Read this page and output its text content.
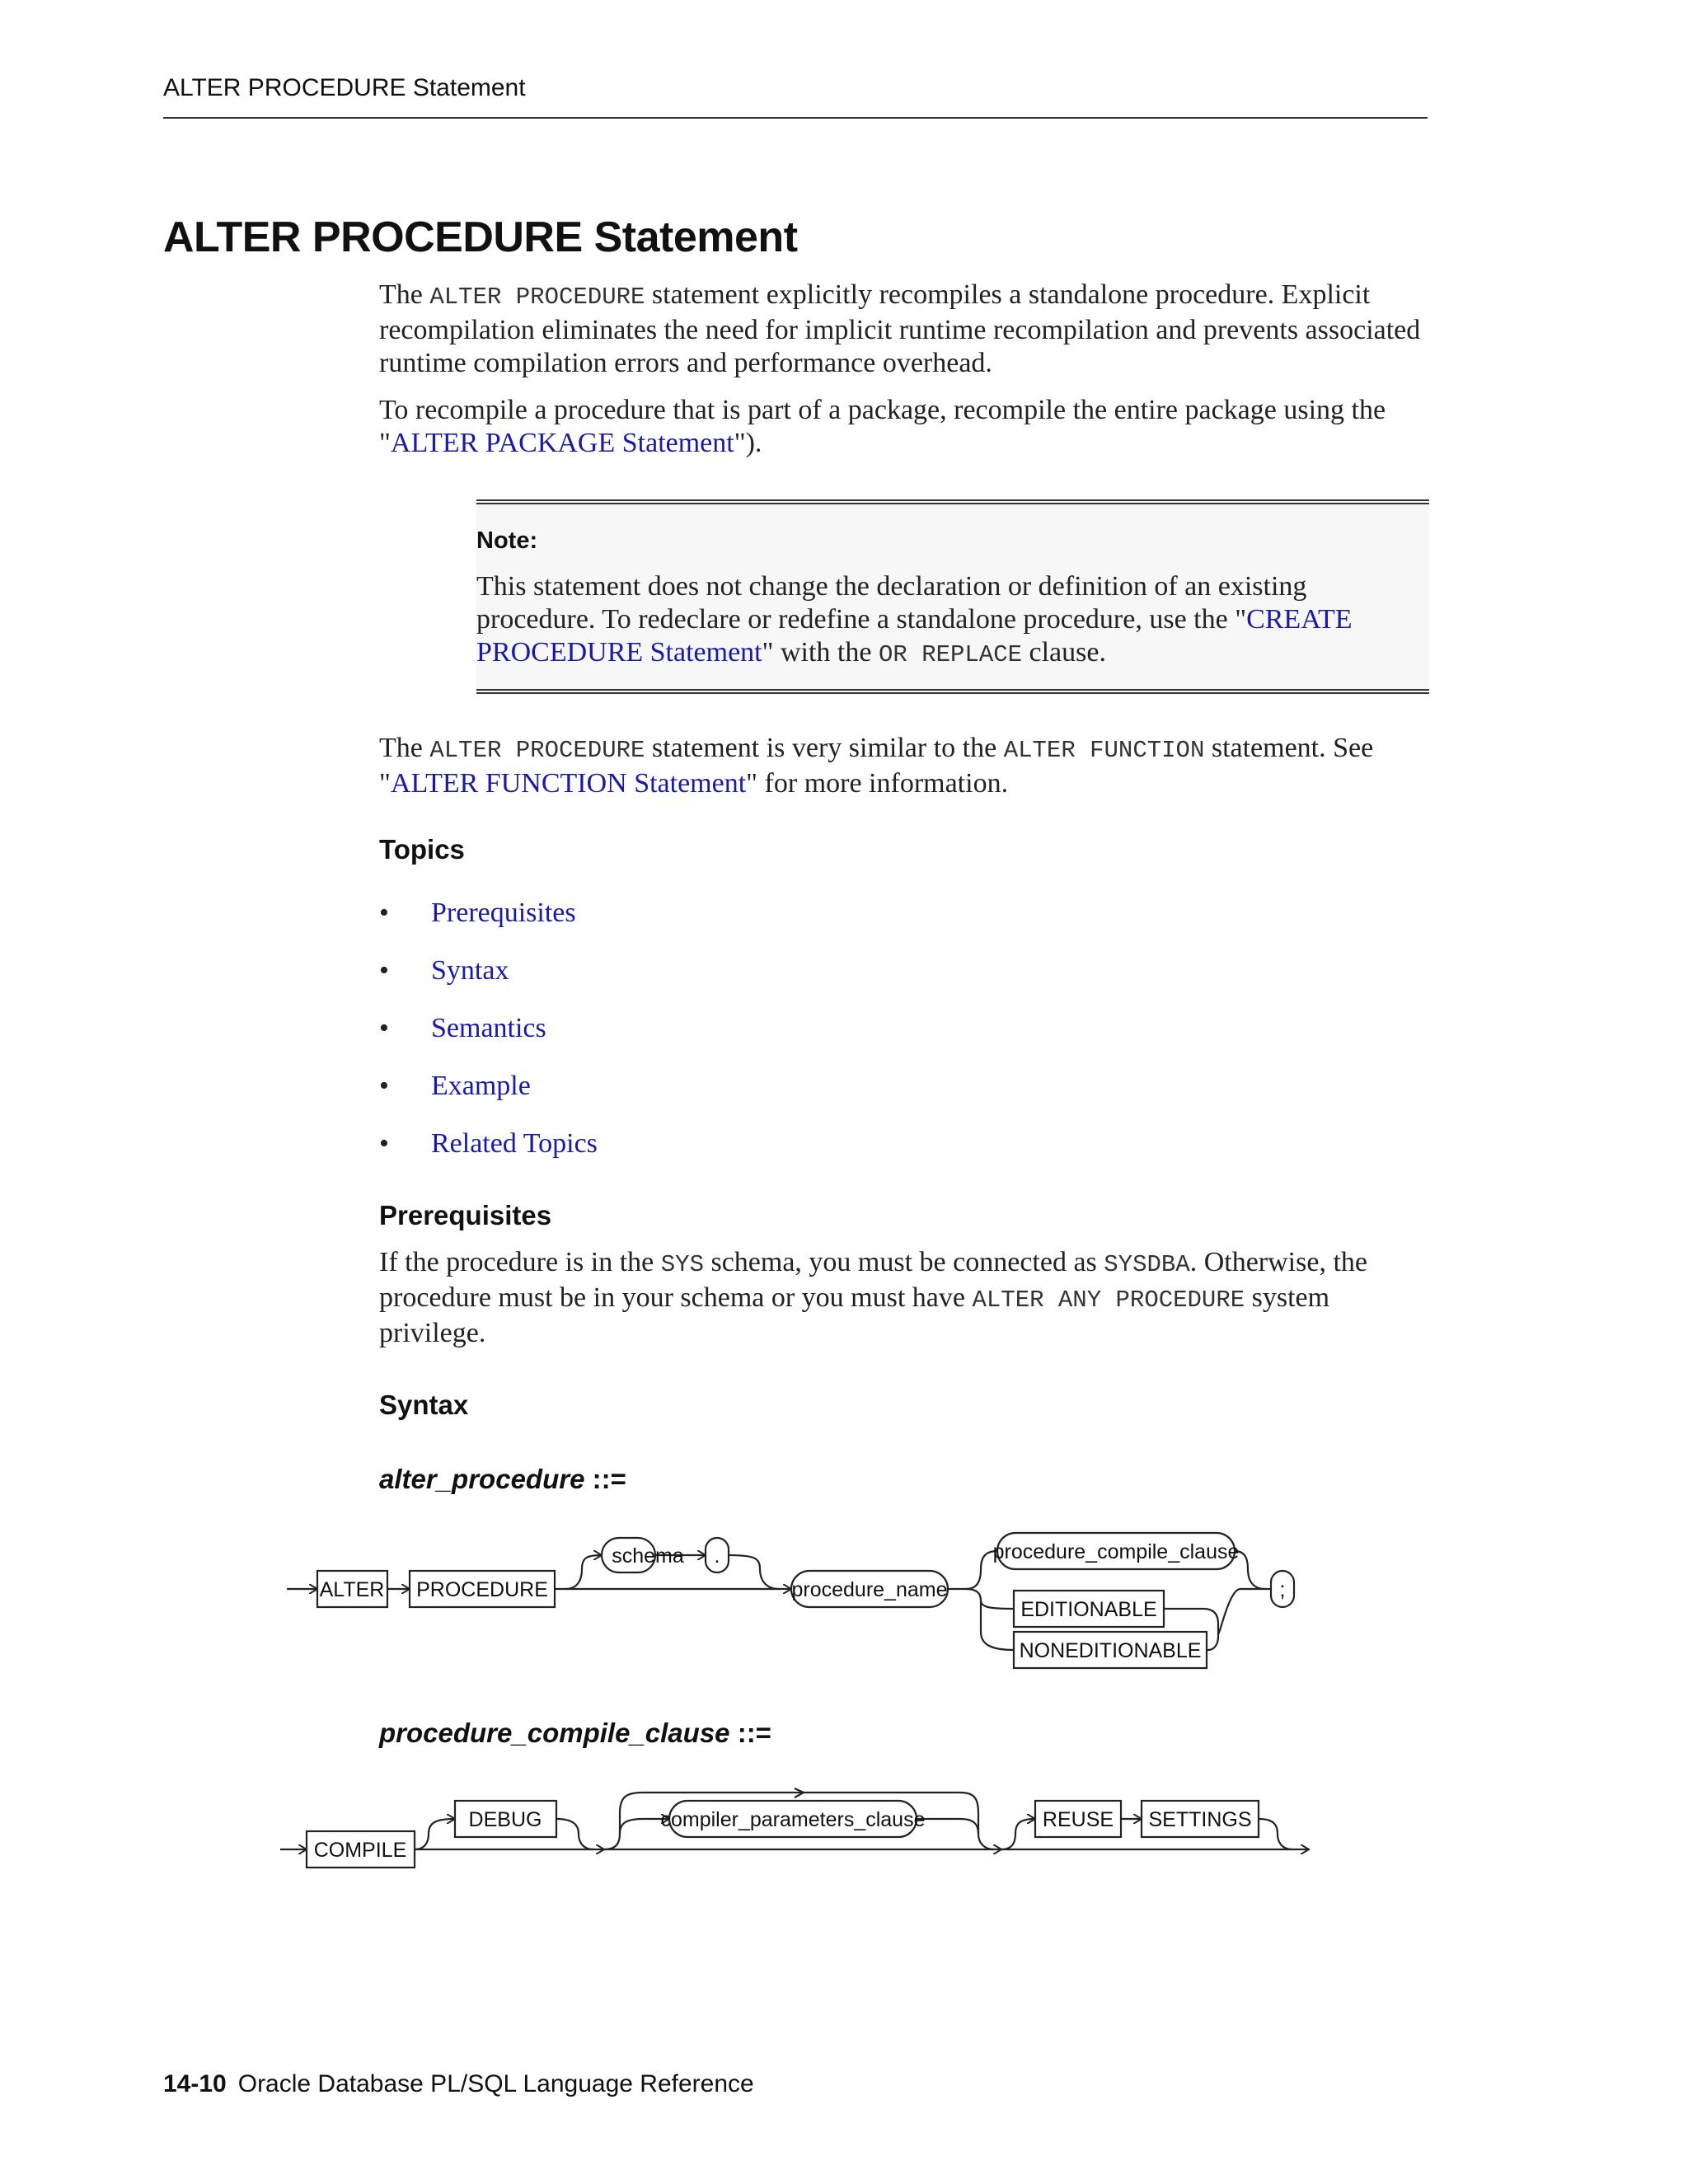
ALTER PROCEDURE Statement
ALTER PROCEDURE Statement

The ALTER PROCEDURE statement explicitly recompiles a standalone procedure. Explicit recompilation eliminates the need for implicit runtime recompilation and prevents associated runtime compilation errors and performance overhead.

To recompile a procedure that is part of a package, recompile the entire package using the "ALTER PACKAGE Statement").

Note:

This statement does not change the declaration or definition of an existing procedure. To redeclare or redefine a standalone procedure, use the "CREATE PROCEDURE Statement" with the OR REPLACE clause.

The ALTER PROCEDURE statement is very similar to the ALTER FUNCTION statement. See "ALTER FUNCTION Statement" for more information.

Topics
• Prerequisites
• Syntax
• Semantics
• Example
• Related Topics
Prerequisites

If the procedure is in the SYS schema, you must be connected as SYSDBA. Otherwise, the procedure must be in your schema or you must have ALTER ANY PROCEDURE system privilege.

Syntax
alter_procedure ::=
procedure_compile_clause ::=
ALTER PROCEDURE
schema .
procedure_name
procedure_compile_clause
EDITIONABLE
NONEDITIONABLE
;
COMPILE
DEBUG	compiler_parameters_clause	REUSE SETTINGS
14-10 Oracle Database PL/SQL Language Reference
